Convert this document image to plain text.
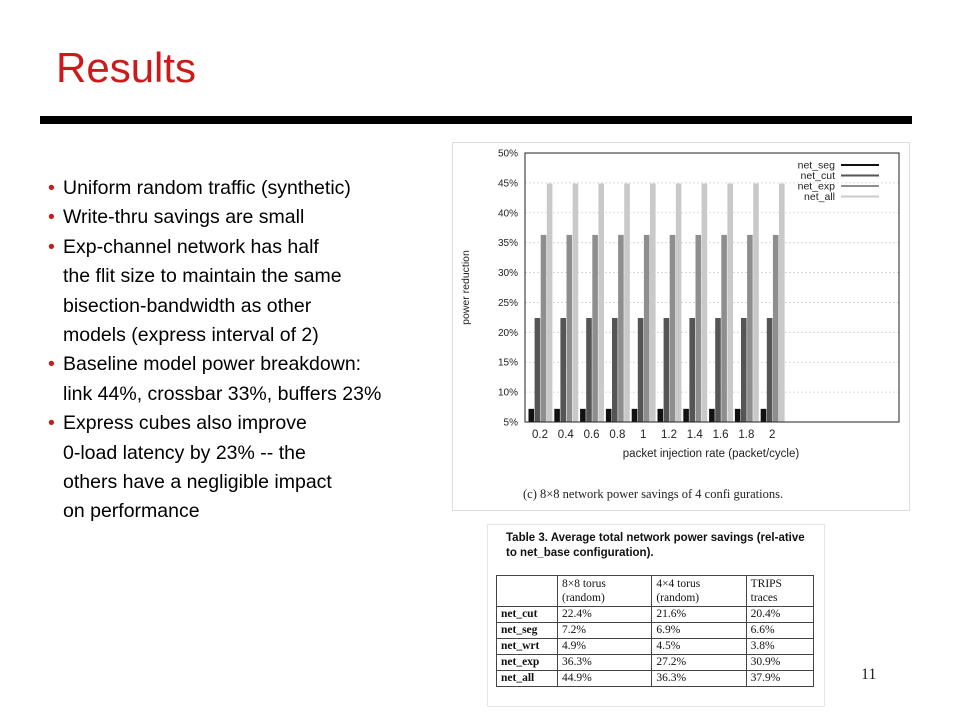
Results
• Uniform random traffic (synthetic)
• Write-thru savings are small
• Exp-channel network has half
the flit size to maintain the same
bisection-bandwidth as other
models (express interval of 2)
• Baseline model power breakdown:
link 44%, crossbar 33%, buffers 23%
• Express cubes also improve
0-load latency by 23% -- the
others have a negligible impact
on performance
5%
10%
15%
20%
25%
30%
35%
40%
45%
50%
0.2 0.4 0.6 0.8 1 1.2 1.4 1.6 1.8 2
net_seg
net_cut
net_exp
net_all
power reduction
packet injection rate (packet/cycle)
(c) 8×8 network power savings of 4 confi gurations.
Table 3. Average total network power savings (rel-ative to net_base configuration).
	8×8 torus (random)	4×4 torus (random)	TRIPS traces
net_cut	22.4%	21.6%	20.4%
net_seg	7.2%	6.9%	6.6%
net_wrt	4.9%	4.5%	3.8%
net_exp	36.3%	27.2%	30.9%
net_all	44.9%	36.3%	37.9%	11
